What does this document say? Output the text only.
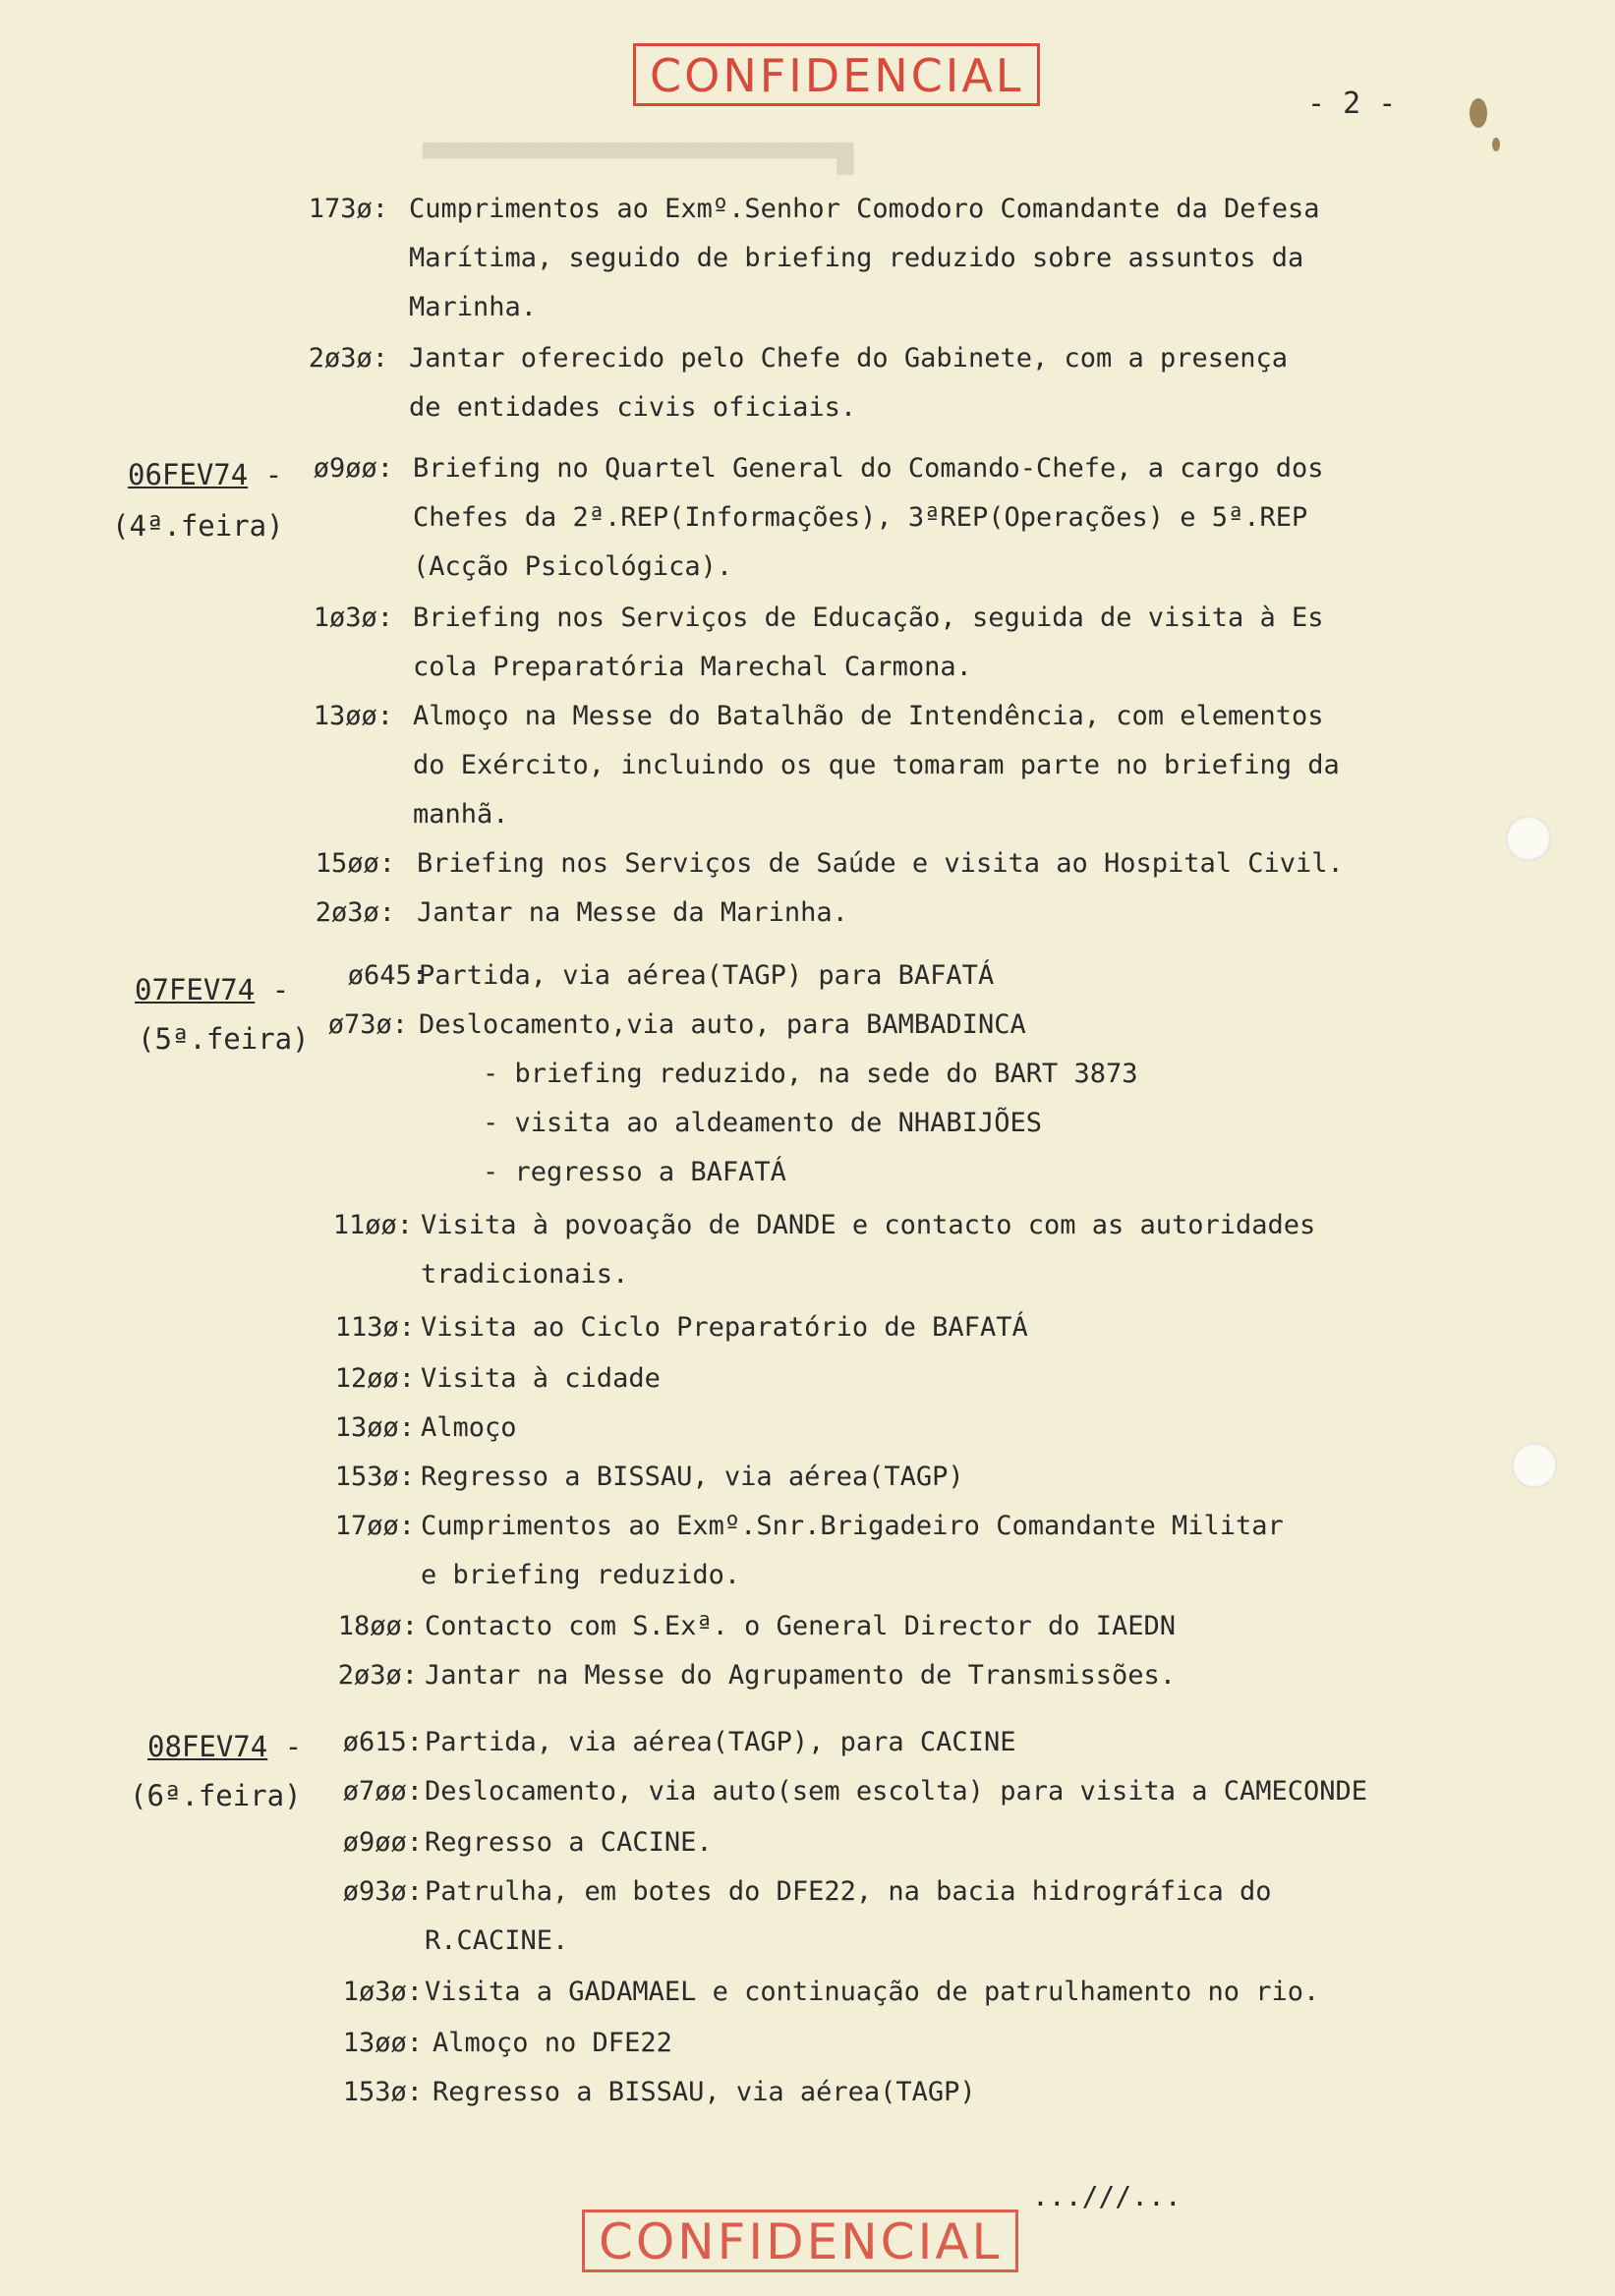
CONFIDENCIAL
- 2 -
█▀▀▀▀▀▀▀▀▀▀▀▀▀▀▀▀▀▀▀▀▀▀▀▀▀
06FEV74 -
(4ª.feira)
07FEV74 -
(5ª.feira)
08FEV74 -
(6ª.feira)
173ø: Cumprimentos ao Exmº.Senhor Comodoro Comandante da Defesa
Marítima, seguido de briefing reduzido sobre assuntos da
Marinha.
2ø3ø: Jantar oferecido pelo Chefe do Gabinete, com a presença
de entidades civis oficiais.
ø9øø: Briefing no Quartel General do Comando-Chefe, a cargo dos
Chefes da 2ª.REP(Informações), 3ªREP(Operações) e 5ª.REP
(Acção Psicológica).
1ø3ø: Briefing nos Serviços de Educação, seguida de visita à Es
cola Preparatória Marechal Carmona.
13øø: Almoço na Messe do Batalhão de Intendência, com elementos
do Exército, incluindo os que tomaram parte no briefing da
manhã.
15øø: Briefing nos Serviços de Saúde e visita ao Hospital Civil.
2ø3ø: Jantar na Messe da Marinha.
ø645:
Partida, via aérea(TAGP) para BAFATÁ
ø73ø: Deslocamento,via auto, para BAMBADINCA
- briefing reduzido, na sede do BART 3873
- visita ao aldeamento de NHABIJÕES
- regresso a BAFATÁ
11øø: Visita à povoação de DANDE e contacto com as autoridades
tradicionais.
113ø: Visita ao Ciclo Preparatório de BAFATÁ
12øø: Visita à cidade
13øø: Almoço
153ø: Regresso a BISSAU, via aérea(TAGP)
17øø: Cumprimentos ao Exmº.Snr.Brigadeiro Comandante Militar
e briefing reduzido.
18øø: Contacto com S.Exª. o General Director do IAEDN
2ø3ø: Jantar na Messe do Agrupamento de Transmissões.
ø615: Partida, via aérea(TAGP), para CACINE
ø7øø: Deslocamento, via auto(sem escolta) para visita a CAMECONDE
ø9øø: Regresso a CACINE.
ø93ø: Patrulha, em botes do DFE22, na bacia hidrográfica do
R.CACINE.
1ø3ø: Visita a GADAMAEL e continuação de patrulhamento no rio.
13øø: Almoço no DFE22
153ø: Regresso a BISSAU, via aérea(TAGP)
...///...
CONFIDENCIAL
